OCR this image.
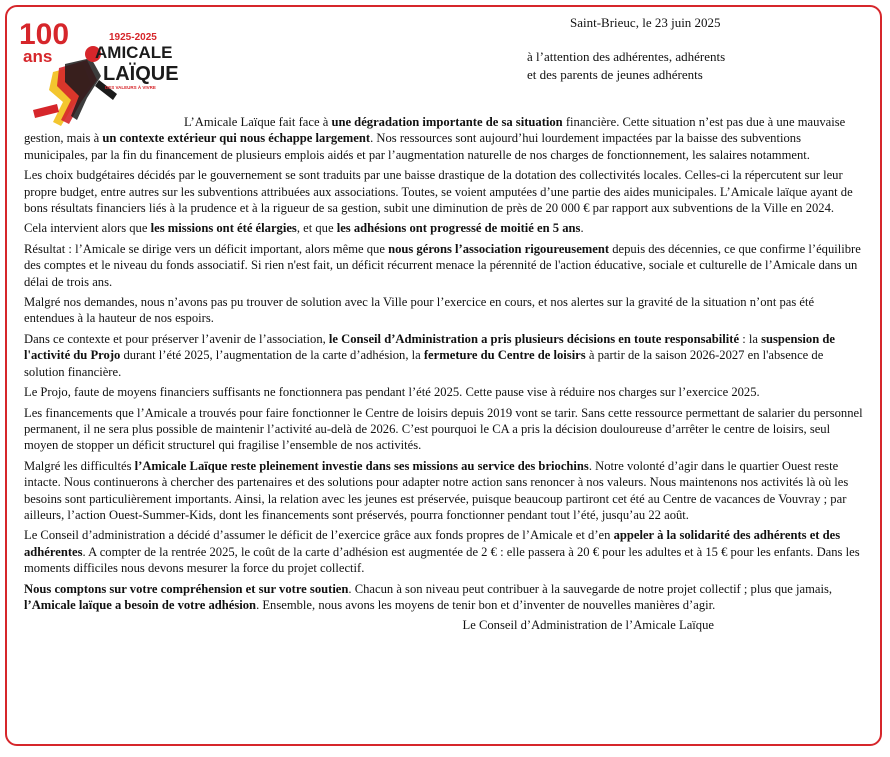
100
ans
1925-2025
AMICALE
LAÏQUE
DES VALEURS À VIVRE
Saint-Brieuc, le 23 juin 2025
à l’attention des adhérentes, adhérents
et des parents de jeunes adhérents

L’Amicale Laïque fait face à une dégradation importante de sa situation financière. Cette situation n’est pas due à une mauvaise gestion, mais à un contexte extérieur qui nous échappe largement. Nos ressources sont aujourd’hui lourdement impactées par la baisse des subventions municipales, par la fin du financement de plusieurs emplois aidés et par l’augmentation naturelle de nos charges de fonctionnement, les salaires notamment.

Les choix budgétaires décidés par le gouvernement se sont traduits par une baisse drastique de la dotation des collectivités locales. Celles-ci la répercutent sur leur propre budget, entre autres sur les subventions attribuées aux associations. Toutes, se voient amputées d’une partie des aides municipales. L’Amicale laïque ayant de bons résultats financiers liés à la prudence et à la rigueur de sa gestion, subit une diminution de près de 20 000 € par rapport aux subventions de la Ville en 2024.

Cela intervient alors que les missions ont été élargies, et que les adhésions ont progressé de moitié en 5 ans.

Résultat : l’Amicale se dirige vers un déficit important, alors même que nous gérons l’association rigoureusement depuis des décennies, ce que confirme l’équilibre des comptes et le niveau du fonds associatif. Si rien n'est fait, un déficit récurrent menace la pérennité de l'action éducative, sociale et culturelle de l’Amicale dans un délai de trois ans.

Malgré nos demandes, nous n’avons pas pu trouver de solution avec la Ville pour l’exercice en cours, et nos alertes sur la gravité de la situation n’ont pas été entendues à la hauteur de nos espoirs.

Dans ce contexte et pour préserver l’avenir de l’association, le Conseil d’Administration a pris plusieurs décisions en toute responsabilité : la suspension de l'activité du Projo durant l’été 2025, l’augmentation de la carte d’adhésion, la fermeture du Centre de loisirs à partir de la saison 2026-2027 en l'absence de solution financière.

Le Projo, faute de moyens financiers suffisants ne fonctionnera pas pendant l’été 2025. Cette pause vise à réduire nos charges sur l’exercice 2025.

Les financements que l’Amicale a trouvés pour faire fonctionner le Centre de loisirs depuis 2019 vont se tarir. Sans cette ressource permettant de salarier du personnel permanent, il ne sera plus possible de maintenir l’activité au-delà de 2026. C’est pourquoi le CA a pris la décision douloureuse d’arrêter le centre de loisirs, seul moyen de stopper un déficit structurel qui fragilise l’ensemble de nos activités.

Malgré les difficultés l’Amicale Laïque reste pleinement investie dans ses missions au service des briochins. Notre volonté d’agir dans le quartier Ouest reste intacte. Nous continuerons à chercher des partenaires et des solutions pour adapter notre action sans renoncer à nos valeurs. Nous maintenons nos activités là où les besoins sont particulièrement importants. Ainsi, la relation avec les jeunes est préservée, puisque beaucoup partiront cet été au Centre de vacances de Vouvray ; par ailleurs, l’action Ouest-Summer-Kids, dont les financements sont préservés, pourra fonctionner pendant tout l’été, jusqu’au 22 août.

Le Conseil d’administration a décidé d’assumer le déficit de l’exercice grâce aux fonds propres de l’Amicale et d’en appeler à la solidarité des adhérents et des adhérentes. A compter de la rentrée 2025, le coût de la carte d’adhésion est augmentée de 2 € : elle passera à 20 € pour les adultes et à 15 € pour les enfants. Dans les moments difficiles nous devons mesurer la force du projet collectif.

Nous comptons sur votre compréhension et sur votre soutien. Chacun à son niveau peut contribuer à la sauvegarde de notre projet collectif ; plus que jamais, l’Amicale laïque a besoin de votre adhésion. Ensemble, nous avons les moyens de tenir bon et d’inventer de nouvelles manières d’agir.

Le Conseil d’Administration de l’Amicale Laïque
